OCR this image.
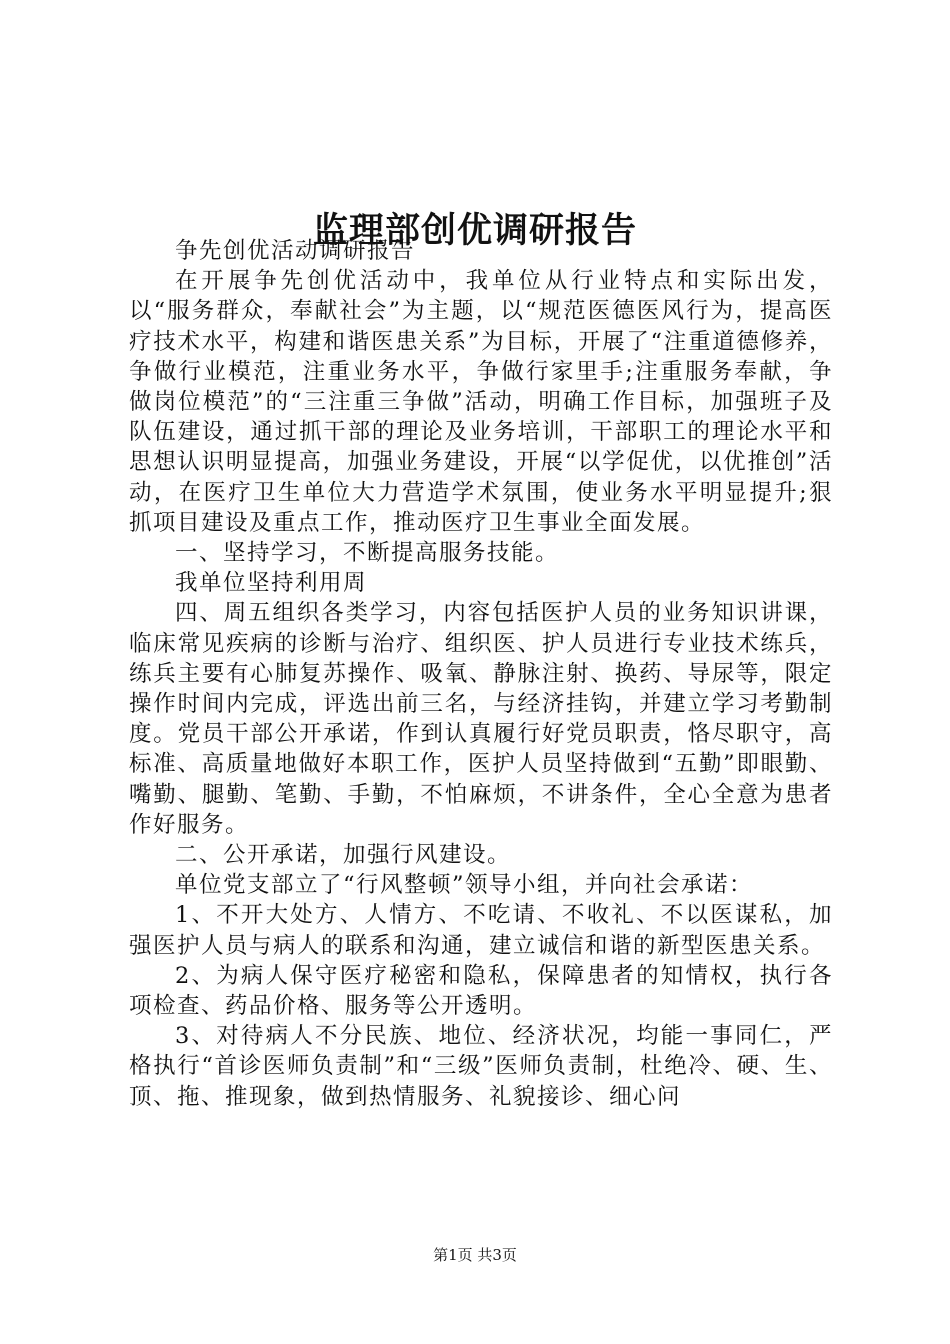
监理部创优调研报告

争先创优活动调研报告

在开展争先创优活动中，我单位从行业特点和实际出发，以“服务群众，奉献社会”为主题，以“规范医德医风行为，提高医疗技术水平，构建和谐医患关系”为目标，开展了“注重道德修养，争做行业模范，注重业务水平，争做行家里手;注重服务奉献，争做岗位模范”的“三注重三争做”活动，明确工作目标，加强班子及队伍建设，通过抓干部的理论及业务培训，干部职工的理论水平和思想认识明显提高，加强业务建设，开展“以学促优，以优推创”活动，在医疗卫生单位大力营造学术氛围，使业务水平明显提升;狠抓项目建设及重点工作，推动医疗卫生事业全面发展。

一、坚持学习，不断提高服务技能。

我单位坚持利用周

四、周五组织各类学习，内容包括医护人员的业务知识讲课，临床常见疾病的诊断与治疗、组织医、护人员进行专业技术练兵，练兵主要有心肺复苏操作、吸氧、静脉注射、换药、导尿等，限定操作时间内完成，评选出前三名，与经济挂钩，并建立学习考勤制度。党员干部公开承诺，作到认真履行好党员职责，恪尽职守，高标准、高质量地做好本职工作，医护人员坚持做到“五勤”即眼勤、嘴勤、腿勤、笔勤、手勤，不怕麻烦，不讲条件，全心全意为患者作好服务。

二、公开承诺，加强行风建设。

单位党支部立了“行风整顿”领导小组，并向社会承诺：

1、不开大处方、人情方、不吃请、不收礼、不以医谋私，加强医护人员与病人的联系和沟通，建立诚信和谐的新型医患关系。

2、为病人保守医疗秘密和隐私，保障患者的知情权，执行各项检查、药品价格、服务等公开透明。

3、对待病人不分民族、地位、经济状况，均能一事同仁，严格执行“首诊医师负责制”和“三级”医师负责制，杜绝冷、硬、生、顶、拖、推现象，做到热情服务、礼貌接诊、细心问

第1页 共3页
